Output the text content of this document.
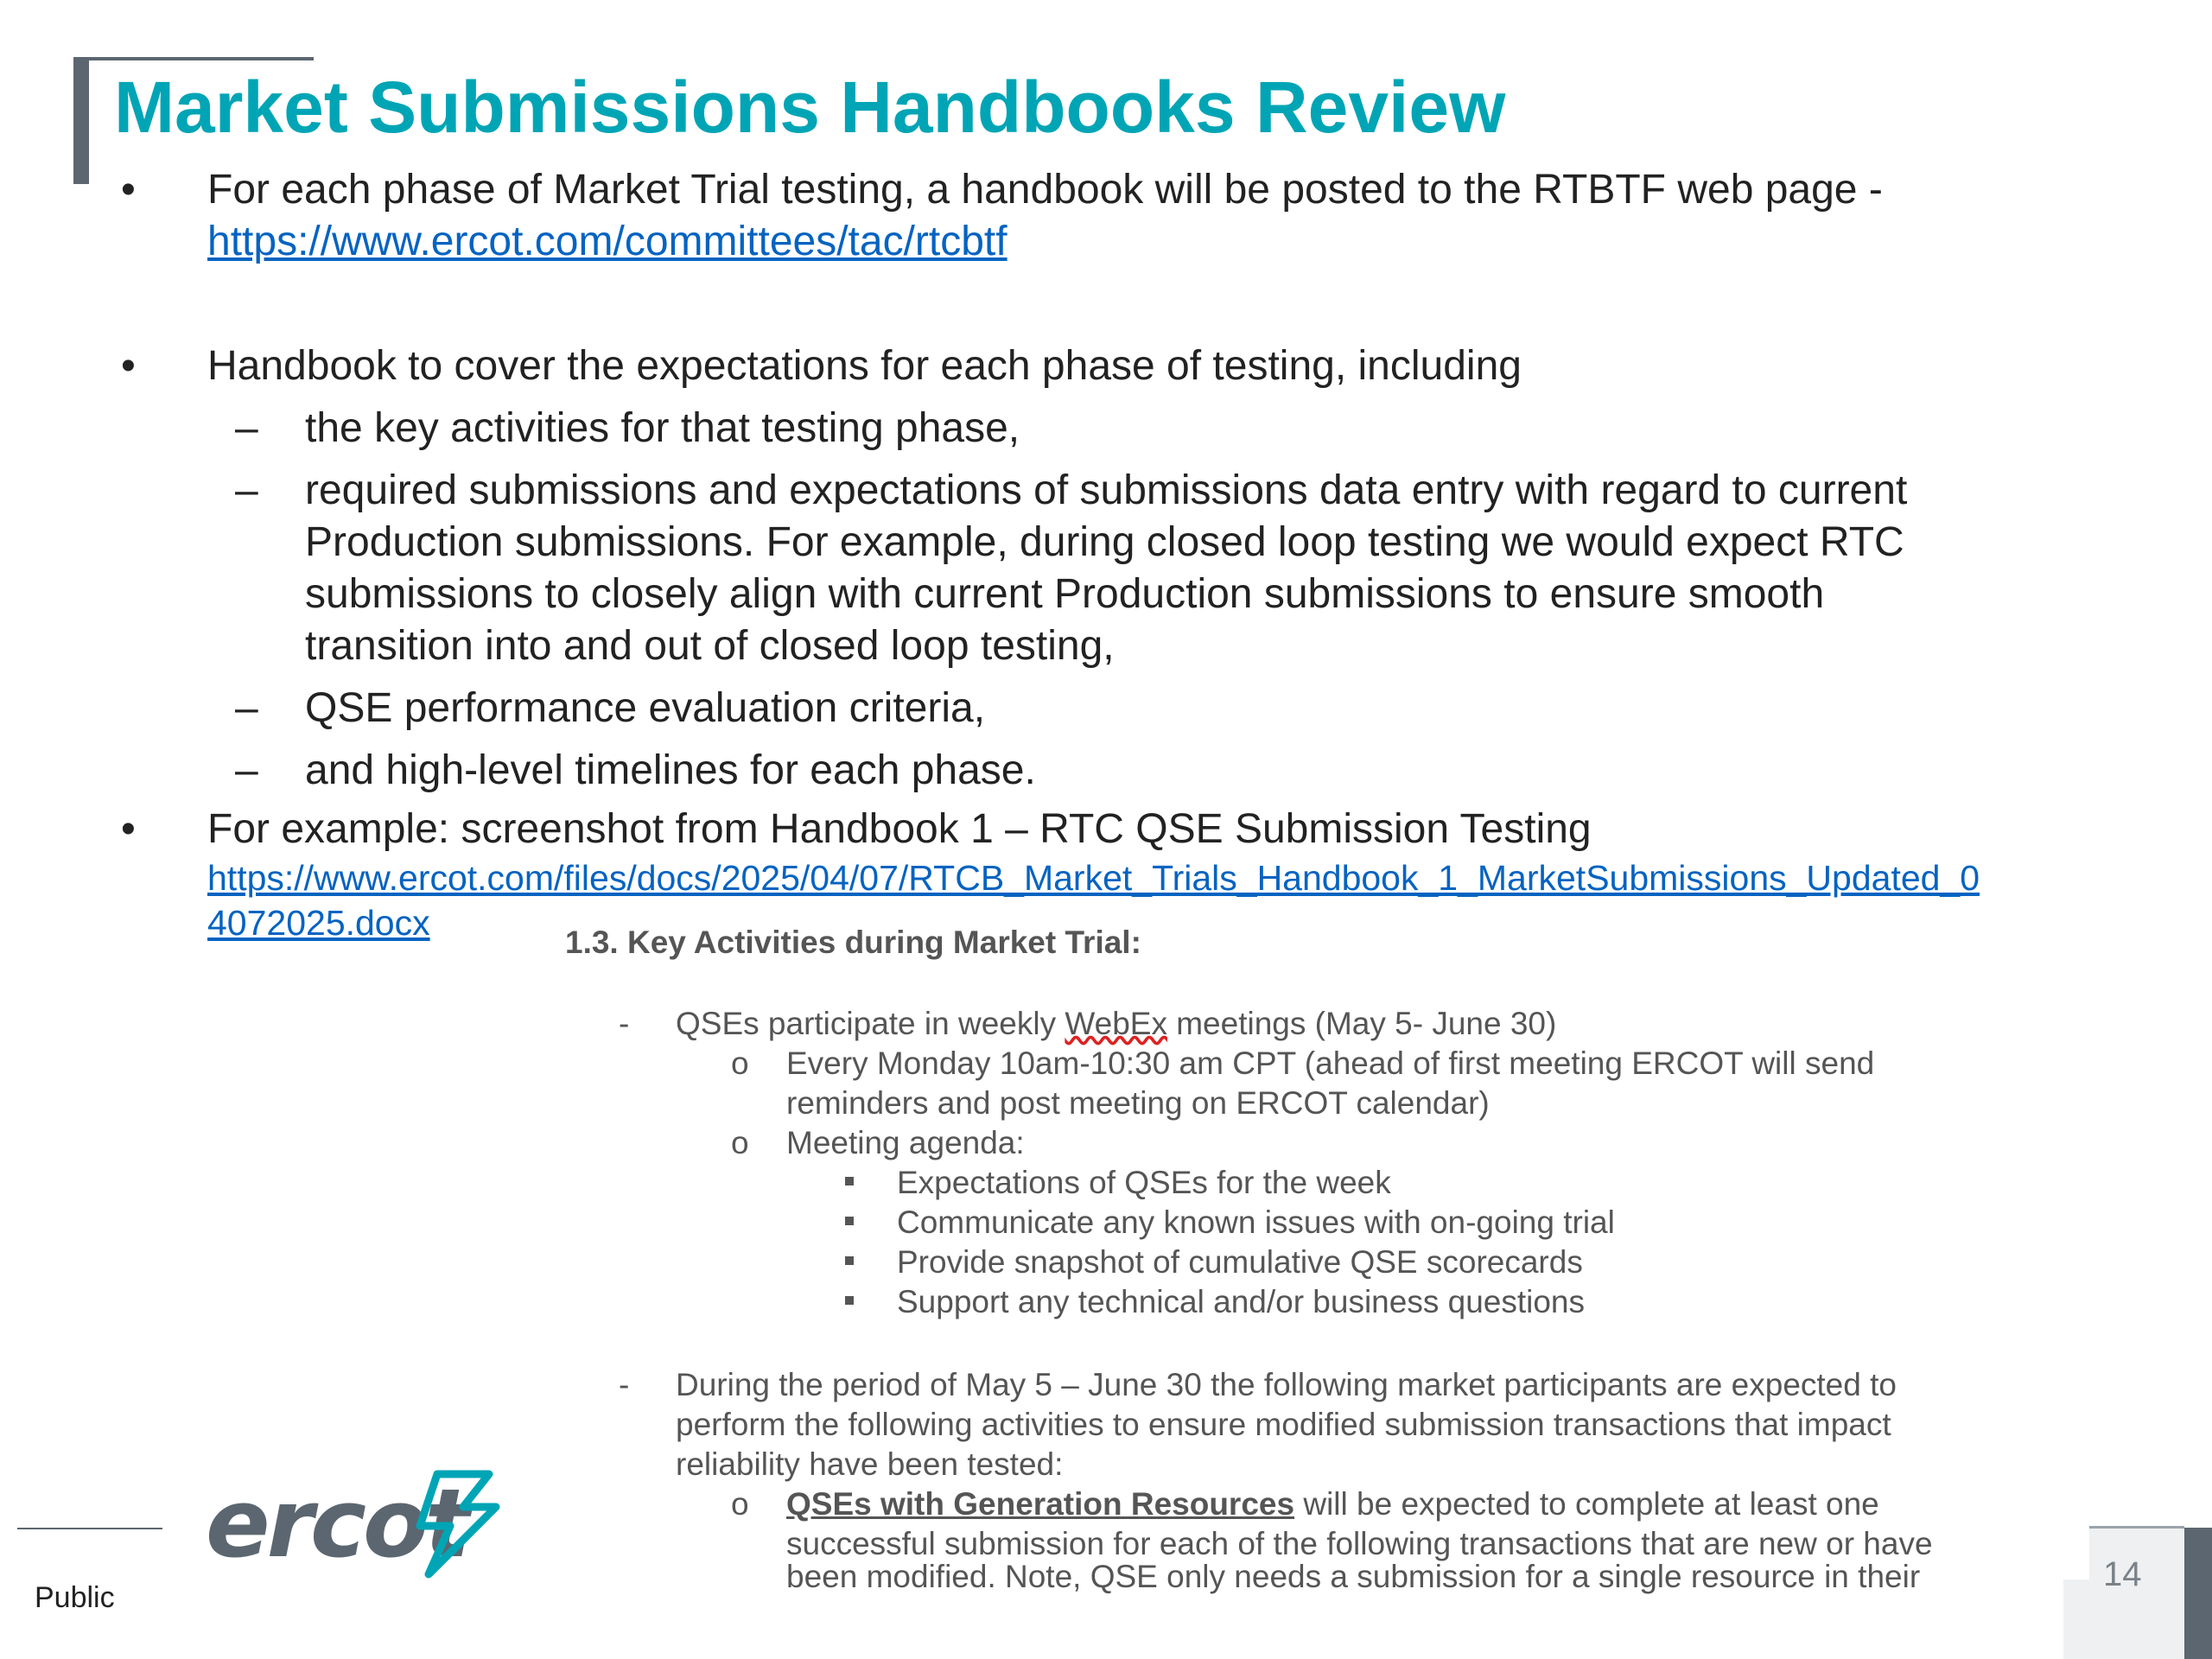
Market Submissions Handbooks Review
• For each phase of Market Trial testing, a handbook will be posted to the RTBTF web page -
https://www.ercot.com/committees/tac/rtcbtf
• Handbook to cover the expectations for each phase of testing, including
– the key activities for that testing phase,
– required submissions and expectations of submissions data entry with regard to current
Production submissions. For example, during closed loop testing we would expect RTC
submissions to closely align with current Production submissions to ensure smooth
transition into and out of closed loop testing,
– QSE performance evaluation criteria,
– and high-level timelines for each phase.
• For example: screenshot from Handbook 1 – RTC QSE Submission Testing
https://www.ercot.com/files/docs/2025/04/07/RTCB_Market_Trials_Handbook_1_MarketSubmissions_Updated_0
4072025.docx	1.3. Key Activities during Market Trial:
- QSEs participate in weekly WebEx meetings (May 5- June 30)
o Every Monday 10am-10:30 am CPT (ahead of first meeting ERCOT will send
reminders and post meeting on ERCOT calendar)
o Meeting agenda:
Expectations of QSEs for the week
Communicate any known issues with on-going trial
Provide snapshot of cumulative QSE scorecards
Support any technical and/or business questions
- During the period of May 5 – June 30 the following market participants are expected to
perform the following activities to ensure modified submission transactions that impact
reliability have been tested:
o QSEs with Generation Resources will be expected to complete at least one
successful submission for each of the following transactions that are new or have
been modified. Note, QSE only needs a submission for a single resource in their
ercot
Public
14
